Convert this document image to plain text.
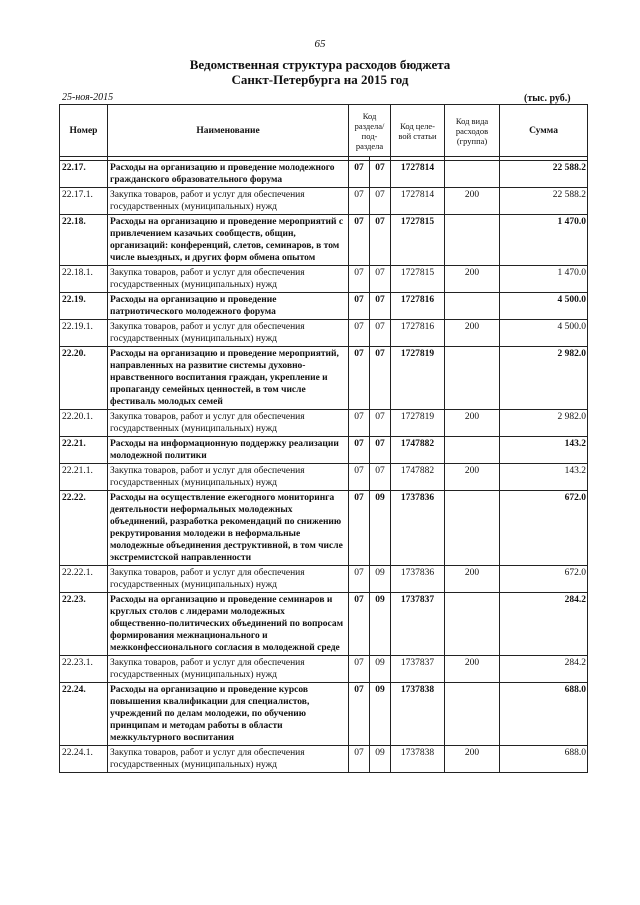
65
Ведомственная структура расходов бюджета
Санкт-Петербурга на 2015 год
25-ноя-2015	(тыс. руб.)
Номер	Наименование	Код раздела/ под- раздела		Код целе- вой статьи	Код вида расходов (группа)	Сумма

22.17.	Расходы на организацию и проведение молодежного гражданского образовательного форума	07	07	1727814		22 588.2
22.17.1.	Закупка товаров, работ и услуг для обеспечения государственных (муниципальных) нужд	07	07	1727814	200	22 588.2
22.18.	Расходы на организацию и проведение мероприятий с привлечением казачьих сообществ, общин, организаций: конференций, слетов, семинаров, в том числе выездных, и других форм обмена опытом	07	07	1727815		1 470.0
22.18.1.	Закупка товаров, работ и услуг для обеспечения государственных (муниципальных) нужд	07	07	1727815	200	1 470.0
22.19.	Расходы на организацию и проведение патриотического молодежного форума	07	07	1727816		4 500.0
22.19.1.	Закупка товаров, работ и услуг для обеспечения государственных (муниципальных) нужд	07	07	1727816	200	4 500.0
22.20.	Расходы на организацию и проведение мероприятий, направленных на развитие системы духовно-нравственного воспитания граждан, укрепление и пропаганду семейных ценностей, в том числе фестиваль молодых семей	07	07	1727819		2 982.0
22.20.1.	Закупка товаров, работ и услуг для обеспечения государственных (муниципальных) нужд	07	07	1727819	200	2 982.0
22.21.	Расходы на информационную поддержку реализации молодежной политики	07	07	1747882		143.2
22.21.1.	Закупка товаров, работ и услуг для обеспечения государственных (муниципальных) нужд	07	07	1747882	200	143.2
22.22.	Расходы на осуществление ежегодного мониторинга деятельности неформальных молодежных объединений, разработка рекомендаций по снижению рекрутирования молодежи в неформальные молодежные объединения деструктивной, в том числе экстремистской направленности	07	09	1737836		672.0
22.22.1.	Закупка товаров, работ и услуг для обеспечения государственных (муниципальных) нужд	07	09	1737836	200	672.0
22.23.	Расходы на организацию и проведение семинаров и круглых столов с лидерами молодежных общественно-политических объединений по вопросам формирования межнационального и межконфессионального согласия в молодежной среде	07	09	1737837		284.2
22.23.1.	Закупка товаров, работ и услуг для обеспечения государственных (муниципальных) нужд	07	09	1737837	200	284.2
22.24.	Расходы на организацию и проведение курсов повышения квалификации для специалистов, учреждений по делам молодежи, по обучению принципам и методам работы в области межкультурного воспитания	07	09	1737838		688.0
22.24.1.	Закупка товаров, работ и услуг для обеспечения государственных (муниципальных) нужд	07	09	1737838	200	688.0
